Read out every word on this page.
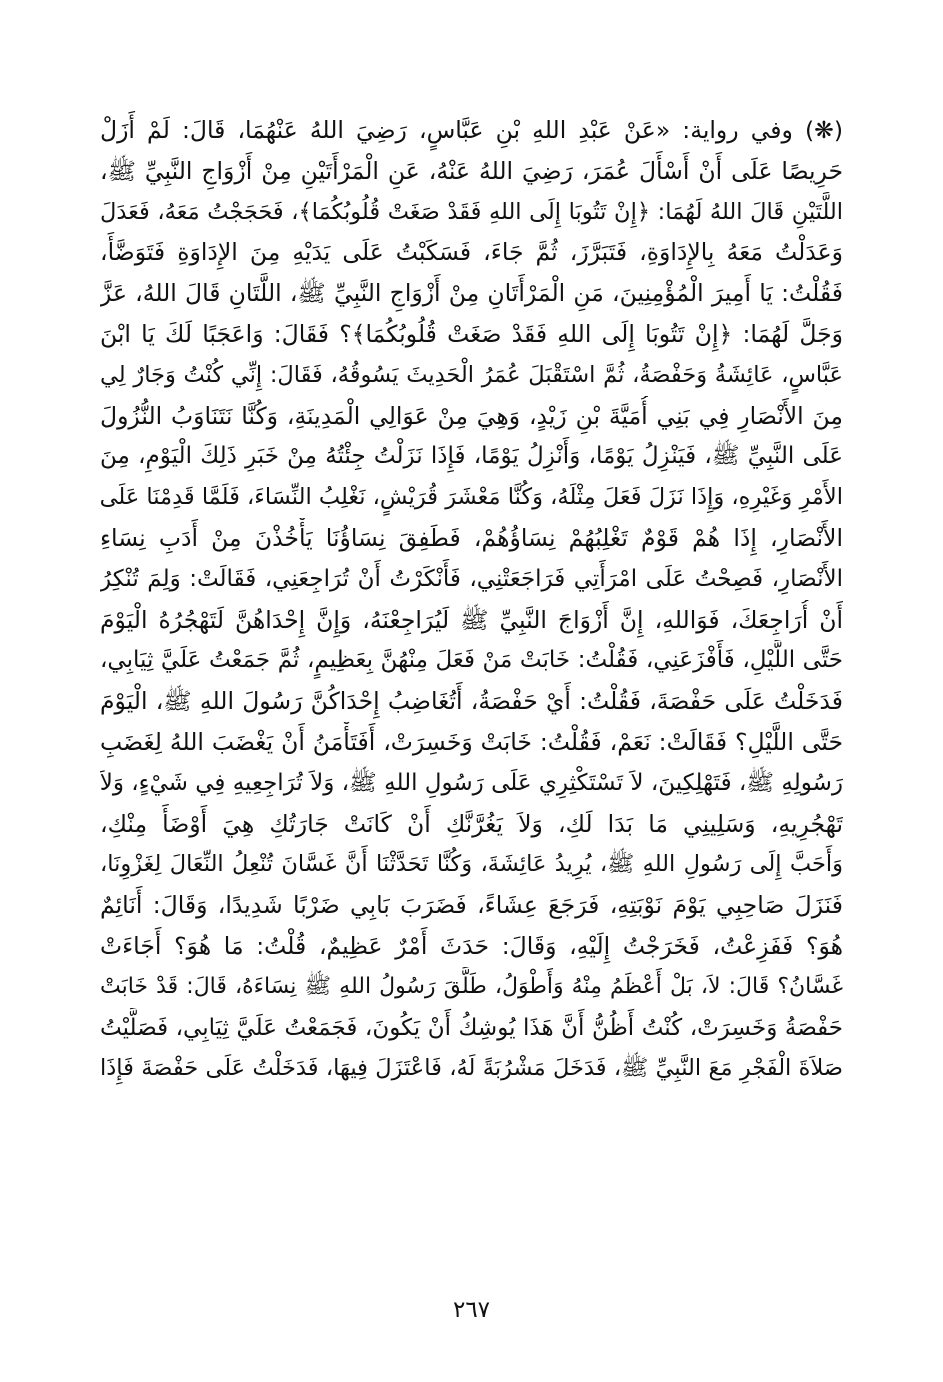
(❋) وفي رواية: «عَنْ عَبْدِ اللهِ بْنِ عَبَّاسٍ، رَضِيَ اللهُ عَنْهُمَا، قَالَ: لَمْ أَزَلْ
حَرِيصًا عَلَى أَنْ أَسْأَلَ عُمَرَ، رَضِيَ اللهُ عَنْهُ، عَنِ الْمَرْأَتَيْنِ مِنْ أَزْوَاجِ النَّبِيِّ ﷺ،
اللَّتَيْنِ قَالَ اللهُ لَهُمَا: ﴿إِنْ تَتُوبَا إِلَى اللهِ فَقَدْ صَغَتْ قُلُوبُكُمَا﴾، فَحَجَجْتُ مَعَهُ، فَعَدَلَ
وَعَدَلْتُ مَعَهُ بِالإِدَاوَةِ، فَتَبَرَّزَ، ثُمَّ جَاءَ، فَسَكَبْتُ عَلَى يَدَيْهِ مِنَ الإِدَاوَةِ فَتَوَضَّأَ،
فَقُلْتُ: يَا أَمِيرَ الْمُؤْمِنِينَ، مَنِ الْمَرْأَتَانِ مِنْ أَزْوَاجِ النَّبِيِّ ﷺ، اللَّتَانِ قَالَ اللهُ، عَزَّ
وَجَلَّ لَهُمَا: ﴿إِنْ تَتُوبَا إِلَى اللهِ فَقَدْ صَغَتْ قُلُوبُكُمَا﴾؟ فَقَالَ: وَاعَجَبًا لَكَ يَا ابْنَ
عَبَّاسٍ، عَائِشَةُ وَحَفْصَةُ، ثُمَّ اسْتَقْبَلَ عُمَرُ الْحَدِيثَ يَسُوقُهُ، فَقَالَ: إِنِّي كُنْتُ وَجَارٌ لِي
مِنَ الأَنْصَارِ فِي بَنِي أُمَيَّةَ بْنِ زَيْدٍ، وَهِيَ مِنْ عَوَالِي الْمَدِينَةِ، وَكُنَّا نَتَنَاوَبُ النُّزُولَ
عَلَى النَّبِيِّ ﷺ، فَيَنْزِلُ يَوْمًا، وَأَنْزِلُ يَوْمًا، فَإِذَا نَزَلْتُ جِئْتُهُ مِنْ خَبَرِ ذَلِكَ الْيَوْمِ، مِنَ
الأَمْرِ وَغَيْرِهِ، وَإِذَا نَزَلَ فَعَلَ مِثْلَهُ، وَكُنَّا مَعْشَرَ قُرَيْشٍ، نَغْلِبُ النِّسَاءَ، فَلَمَّا قَدِمْنَا عَلَى
الأَنْصَارِ، إِذَا هُمْ قَوْمٌ تَغْلِبُهُمْ نِسَاؤُهُمْ، فَطَفِقَ نِسَاؤُنَا يَأْخُذْنَ مِنْ أَدَبِ نِسَاءِ
الأَنْصَارِ، فَصِحْتُ عَلَى امْرَأَتِي فَرَاجَعَتْنِي، فَأَنْكَرْتُ أَنْ تُرَاجِعَنِي، فَقَالَتْ: وَلِمَ تُنْكِرُ
أَنْ أُرَاجِعَكَ، فَوَاللهِ، إِنَّ أَزْوَاجَ النَّبِيِّ ﷺ لَيُرَاجِعْنَهُ، وَإِنَّ إِحْدَاهُنَّ لَتَهْجُرُهُ الْيَوْمَ
حَتَّى اللَّيْلِ، فَأَفْزَعَنِي، فَقُلْتُ: خَابَتْ مَنْ فَعَلَ مِنْهُنَّ بِعَظِيمٍ، ثُمَّ جَمَعْتُ عَلَيَّ ثِيَابِي،
فَدَخَلْتُ عَلَى حَفْصَةَ، فَقُلْتُ: أَيْ حَفْصَةُ، أَتُغَاضِبُ إِحْدَاكُنَّ رَسُولَ اللهِ ﷺ، الْيَوْمَ
حَتَّى اللَّيْلِ؟ فَقَالَتْ: نَعَمْ، فَقُلْتُ: خَابَتْ وَخَسِرَتْ، أَفَتَأْمَنُ أَنْ يَغْضَبَ اللهُ لِغَضَبِ
رَسُولِهِ ﷺ، فَتَهْلِكِينَ، لاَ تَسْتَكْثِرِي عَلَى رَسُولِ اللهِ ﷺ، وَلاَ تُرَاجِعِيهِ فِي شَيْءٍ، وَلاَ
تَهْجُرِيهِ، وَسَلِينِي مَا بَدَا لَكِ، وَلاَ يَغُرَّنَّكِ أَنْ كَانَتْ جَارَتُكِ هِيَ أَوْضَأَ مِنْكِ،
وَأَحَبَّ إِلَى رَسُولِ اللهِ ﷺ، يُرِيدُ عَائِشَةَ، وَكُنَّا تَحَدَّثْنَا أَنَّ غَسَّانَ تُنْعِلُ النِّعَالَ لِغَزْوِنَا،
فَنَزَلَ صَاحِبِي يَوْمَ نَوْبَتِهِ، فَرَجَعَ عِشَاءً، فَضَرَبَ بَابِي ضَرْبًا شَدِيدًا، وَقَالَ: أَنَائِمٌ
هُوَ؟ فَفَزِعْتُ، فَخَرَجْتُ إِلَيْهِ، وَقَالَ: حَدَثَ أَمْرٌ عَظِيمٌ، قُلْتُ: مَا هُوَ؟ أَجَاءَتْ
غَسَّانُ؟ قَالَ: لاَ، بَلْ أَعْظَمُ مِنْهُ وَأَطْوَلُ، طَلَّقَ رَسُولُ اللهِ ﷺ نِسَاءَهُ، قَالَ: قَدْ خَابَتْ
حَفْصَةُ وَخَسِرَتْ، كُنْتُ أَظُنُّ أَنَّ هَذَا يُوشِكُ أَنْ يَكُونَ، فَجَمَعْتُ عَلَيَّ ثِيَابِي، فَصَلَّيْتُ
صَلاَةَ الْفَجْرِ مَعَ النَّبِيِّ ﷺ، فَدَخَلَ مَشْرُبَةً لَهُ، فَاعْتَزَلَ فِيهَا، فَدَخَلْتُ عَلَى حَفْصَةَ فَإِذَا
٢٦٧
